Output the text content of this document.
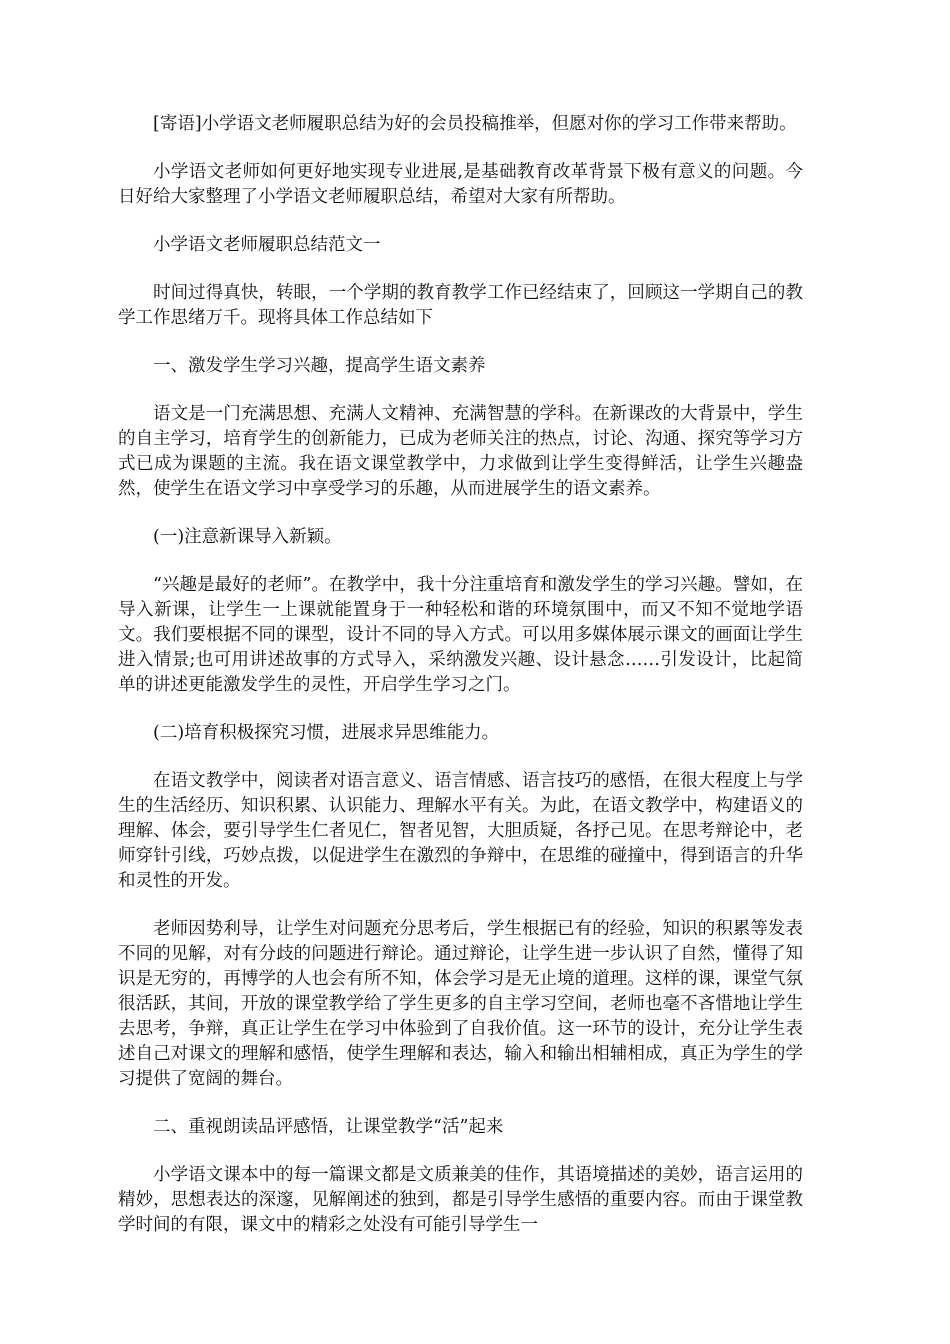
[寄语]小学语文老师履职总结为好的会员投稿推举，但愿对你的学习工作带来帮助。

小学语文老师如何更好地实现专业进展,是基础教育改革背景下极有意义的问题。今日好给大家整理了小学语文老师履职总结，希望对大家有所帮助。

小学语文老师履职总结范文一

时间过得真快，转眼，一个学期的教育教学工作已经结束了，回顾这一学期自己的教学工作思绪万千。现将具体工作总结如下

一、激发学生学习兴趣，提高学生语文素养

语文是一门充满思想、充满人文精神、充满智慧的学科。在新课改的大背景中，学生的自主学习，培育学生的创新能力，已成为老师关注的热点，讨论、沟通、探究等学习方式已成为课题的主流。我在语文课堂教学中，力求做到让学生变得鲜活，让学生兴趣盎然，使学生在语文学习中享受学习的乐趣，从而进展学生的语文素养。

(一)注意新课导入新颖。

“兴趣是最好的老师”。在教学中，我十分注重培育和激发学生的学习兴趣。譬如，在导入新课，让学生一上课就能置身于一种轻松和谐的环境氛围中，而又不知不觉地学语文。我们要根据不同的课型，设计不同的导入方式。可以用多媒体展示课文的画面让学生进入情景;也可用讲述故事的方式导入，采纳激发兴趣、设计悬念……引发设计，比起简单的讲述更能激发学生的灵性，开启学生学习之门。

(二)培育积极探究习惯，进展求异思维能力。

在语文教学中，阅读者对语言意义、语言情感、语言技巧的感悟，在很大程度上与学生的生活经历、知识积累、认识能力、理解水平有关。为此，在语文教学中，构建语义的理解、体会，要引导学生仁者见仁，智者见智，大胆质疑，各抒己见。在思考辩论中，老师穿针引线，巧妙点拨，以促进学生在激烈的争辩中，在思维的碰撞中，得到语言的升华和灵性的开发。

老师因势利导，让学生对问题充分思考后，学生根据已有的经验，知识的积累等发表不同的见解，对有分歧的问题进行辩论。通过辩论，让学生进一步认识了自然，懂得了知识是无穷的，再博学的人也会有所不知，体会学习是无止境的道理。这样的课，课堂气氛很活跃，其间，开放的课堂教学给了学生更多的自主学习空间，老师也毫不吝惜地让学生去思考，争辩，真正让学生在学习中体验到了自我价值。这一环节的设计，充分让学生表述自己对课文的理解和感悟，使学生理解和表达，输入和输出相辅相成，真正为学生的学习提供了宽阔的舞台。

二、重视朗读品评感悟，让课堂教学“活”起来

小学语文课本中的每一篇课文都是文质兼美的佳作，其语境描述的美妙，语言运用的精妙，思想表达的深邃，见解阐述的独到，都是引导学生感悟的重要内容。而由于课堂教学时间的有限，课文中的精彩之处没有可能引导学生一
